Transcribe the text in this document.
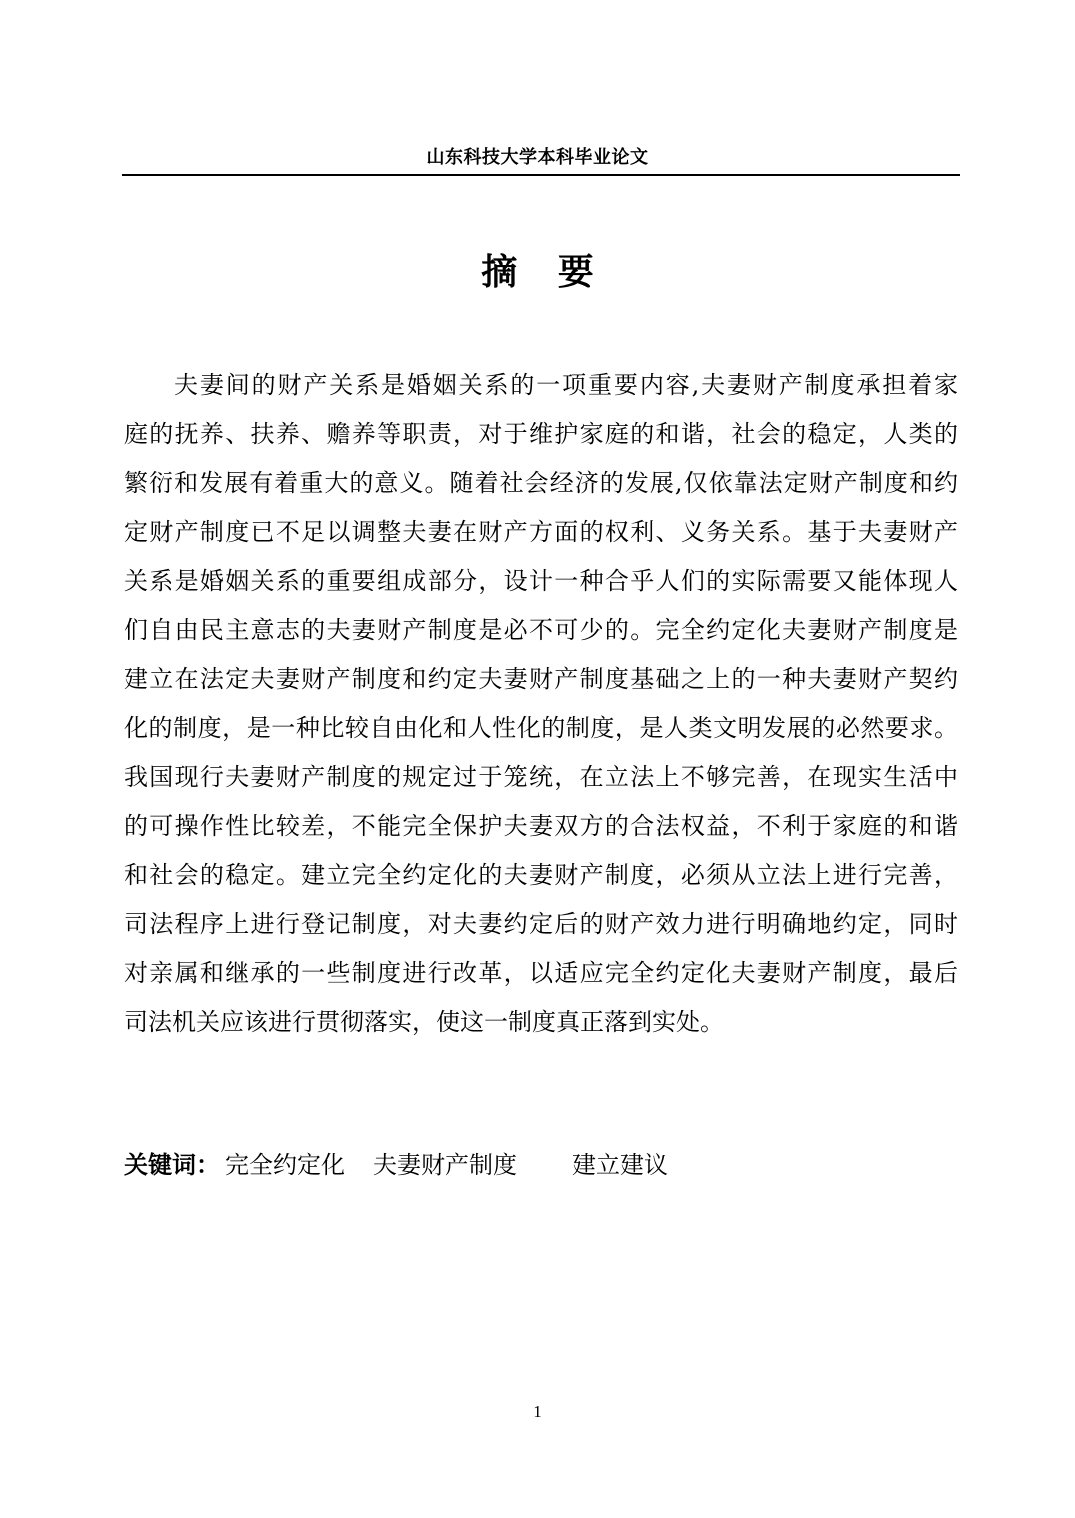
山东科技大学本科毕业论文
摘 要
夫妻间的财产关系是婚姻关系的一项重要内容,夫妻财产制度承担着家
庭的抚养、扶养、赡养等职责，对于维护家庭的和谐，社会的稳定，人类的
繁衍和发展有着重大的意义。随着社会经济的发展,仅依靠法定财产制度和约
定财产制度已不足以调整夫妻在财产方面的权利、义务关系。基于夫妻财产
关系是婚姻关系的重要组成部分，设计一种合乎人们的实际需要又能体现人
们自由民主意志的夫妻财产制度是必不可少的。完全约定化夫妻财产制度是
建立在法定夫妻财产制度和约定夫妻财产制度基础之上的一种夫妻财产契约
化的制度，是一种比较自由化和人性化的制度，是人类文明发展的必然要求。
我国现行夫妻财产制度的规定过于笼统，在立法上不够完善，在现实生活中
的可操作性比较差，不能完全保护夫妻双方的合法权益，不利于家庭的和谐
和社会的稳定。建立完全约定化的夫妻财产制度，必须从立法上进行完善，
司法程序上进行登记制度，对夫妻约定后的财产效力进行明确地约定，同时
对亲属和继承的一些制度进行改革，以适应完全约定化夫妻财产制度，最后
司法机关应该进行贯彻落实，使这一制度真正落到实处。
关键词： 完全约定化 夫妻财产制度 建立建议
1
